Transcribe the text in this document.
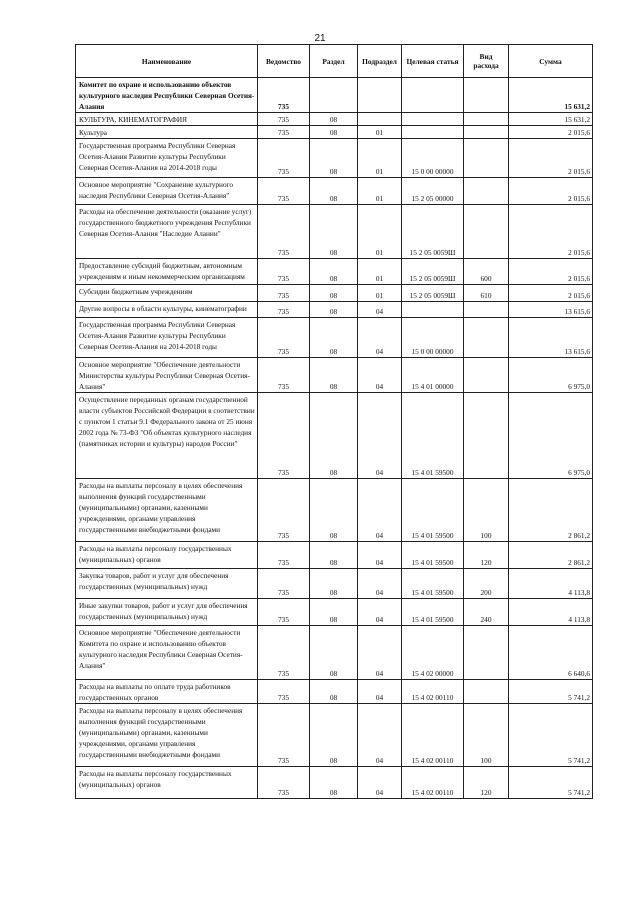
21
Наименование	Ведомство	Раздел	Подраздел	Целевая статья	Вид расхода	Сумма
Комитет по охране и использованию объектов культурного наследия Республики Северная Осетия-Алания	735					15 631,2
КУЛЬТУРА, КИНЕМАТОГРАФИЯ	735	08				15 631,2
Культура	735	08	01			2 015,6
Государственная программа Республики Северная Осетия-Алания Развитие культуры Республики Северная Осетия-Алания на 2014-2018 годы	735	08	01	15 0 00 00000		2 015,6
Основное мероприятие "Сохранение культурного наследия Республики Северная Осетия-Алания"	735	08	01	15 2 05 00000		2 015,6
Расходы на обеспечение деятельности (оказание услуг) государственного бюджетного учреждения Республики Северная Осетия-Алания "Наследие Алании"	735	08	01	15 2 05 0059Ш		2 015,6
Предоставление субсидий бюджетным, автономным учреждениям и иным некоммерческим организациям	735	08	01	15 2 05 0059Ш	600	2 015,6
Субсидии бюджетным учреждениям	735	08	01	15 2 05 0059Ш	610	2 015,6
Другие вопросы в области культуры, кинематографии	735	08	04			13 615,6
Государственная программа Республики Северная Осетия-Алания Развитие культуры Республики Северная Осетия-Алания на 2014-2018 годы	735	08	04	15 0 00 00000		13 615,6
Основное мероприятие "Обеспечение деятельности Министерства культуры Республики Северная Осетия-Алания"	735	08	04	15 4 01 00000		6 975,0
Осуществление переданных органам государственной власти субъектов Российской Федерации в соответствии с пунктом 1 статьи 9.1 Федерального закона от 25 июня 2002 года № 73-ФЗ "Об объектах культурного наследия (памятниках истории и культуры) народов России"	735	08	04	15 4 01 59500		6 975,0
Расходы на выплаты персоналу в целях обеспечения выполнения функций государственными (муниципальными) органами, казенными учреждениями, органами управления государственными внебюджетными фондами	735	08	04	15 4 01 59500	100	2 861,2
Расходы на выплаты персоналу государственных (муниципальных) органов	735	08	04	15 4 01 59500	120	2 861,2
Закупка товаров, работ и услуг для обеспечения государственных (муниципальных) нужд	735	08	04	15 4 01 59500	200	4 113,8
Иные закупки товаров, работ и услуг для обеспечения государственных (муниципальных) нужд	735	08	04	15 4 01 59500	240	4 113,8
Основное мероприятие "Обеспечение деятельности Комитета по охране и использованию объектов культурного наследия Республики Северная Осетия-Алания"	735	08	04	15 4 02 00000		6 640,6
Расходы на выплаты по оплате труда работников государственных органов	735	08	04	15 4 02 00110		5 741,2
Расходы на выплаты персоналу в целях обеспечения выполнения функций государственными (муниципальными) органами, казенными учреждениями, органами управления государственными внебюджетными фондами	735	08	04	15 4 02 00110	100	5 741,2
Расходы на выплаты персоналу государственных (муниципальных) органов	735	08	04	15 4 02 00110	120	5 741,2
